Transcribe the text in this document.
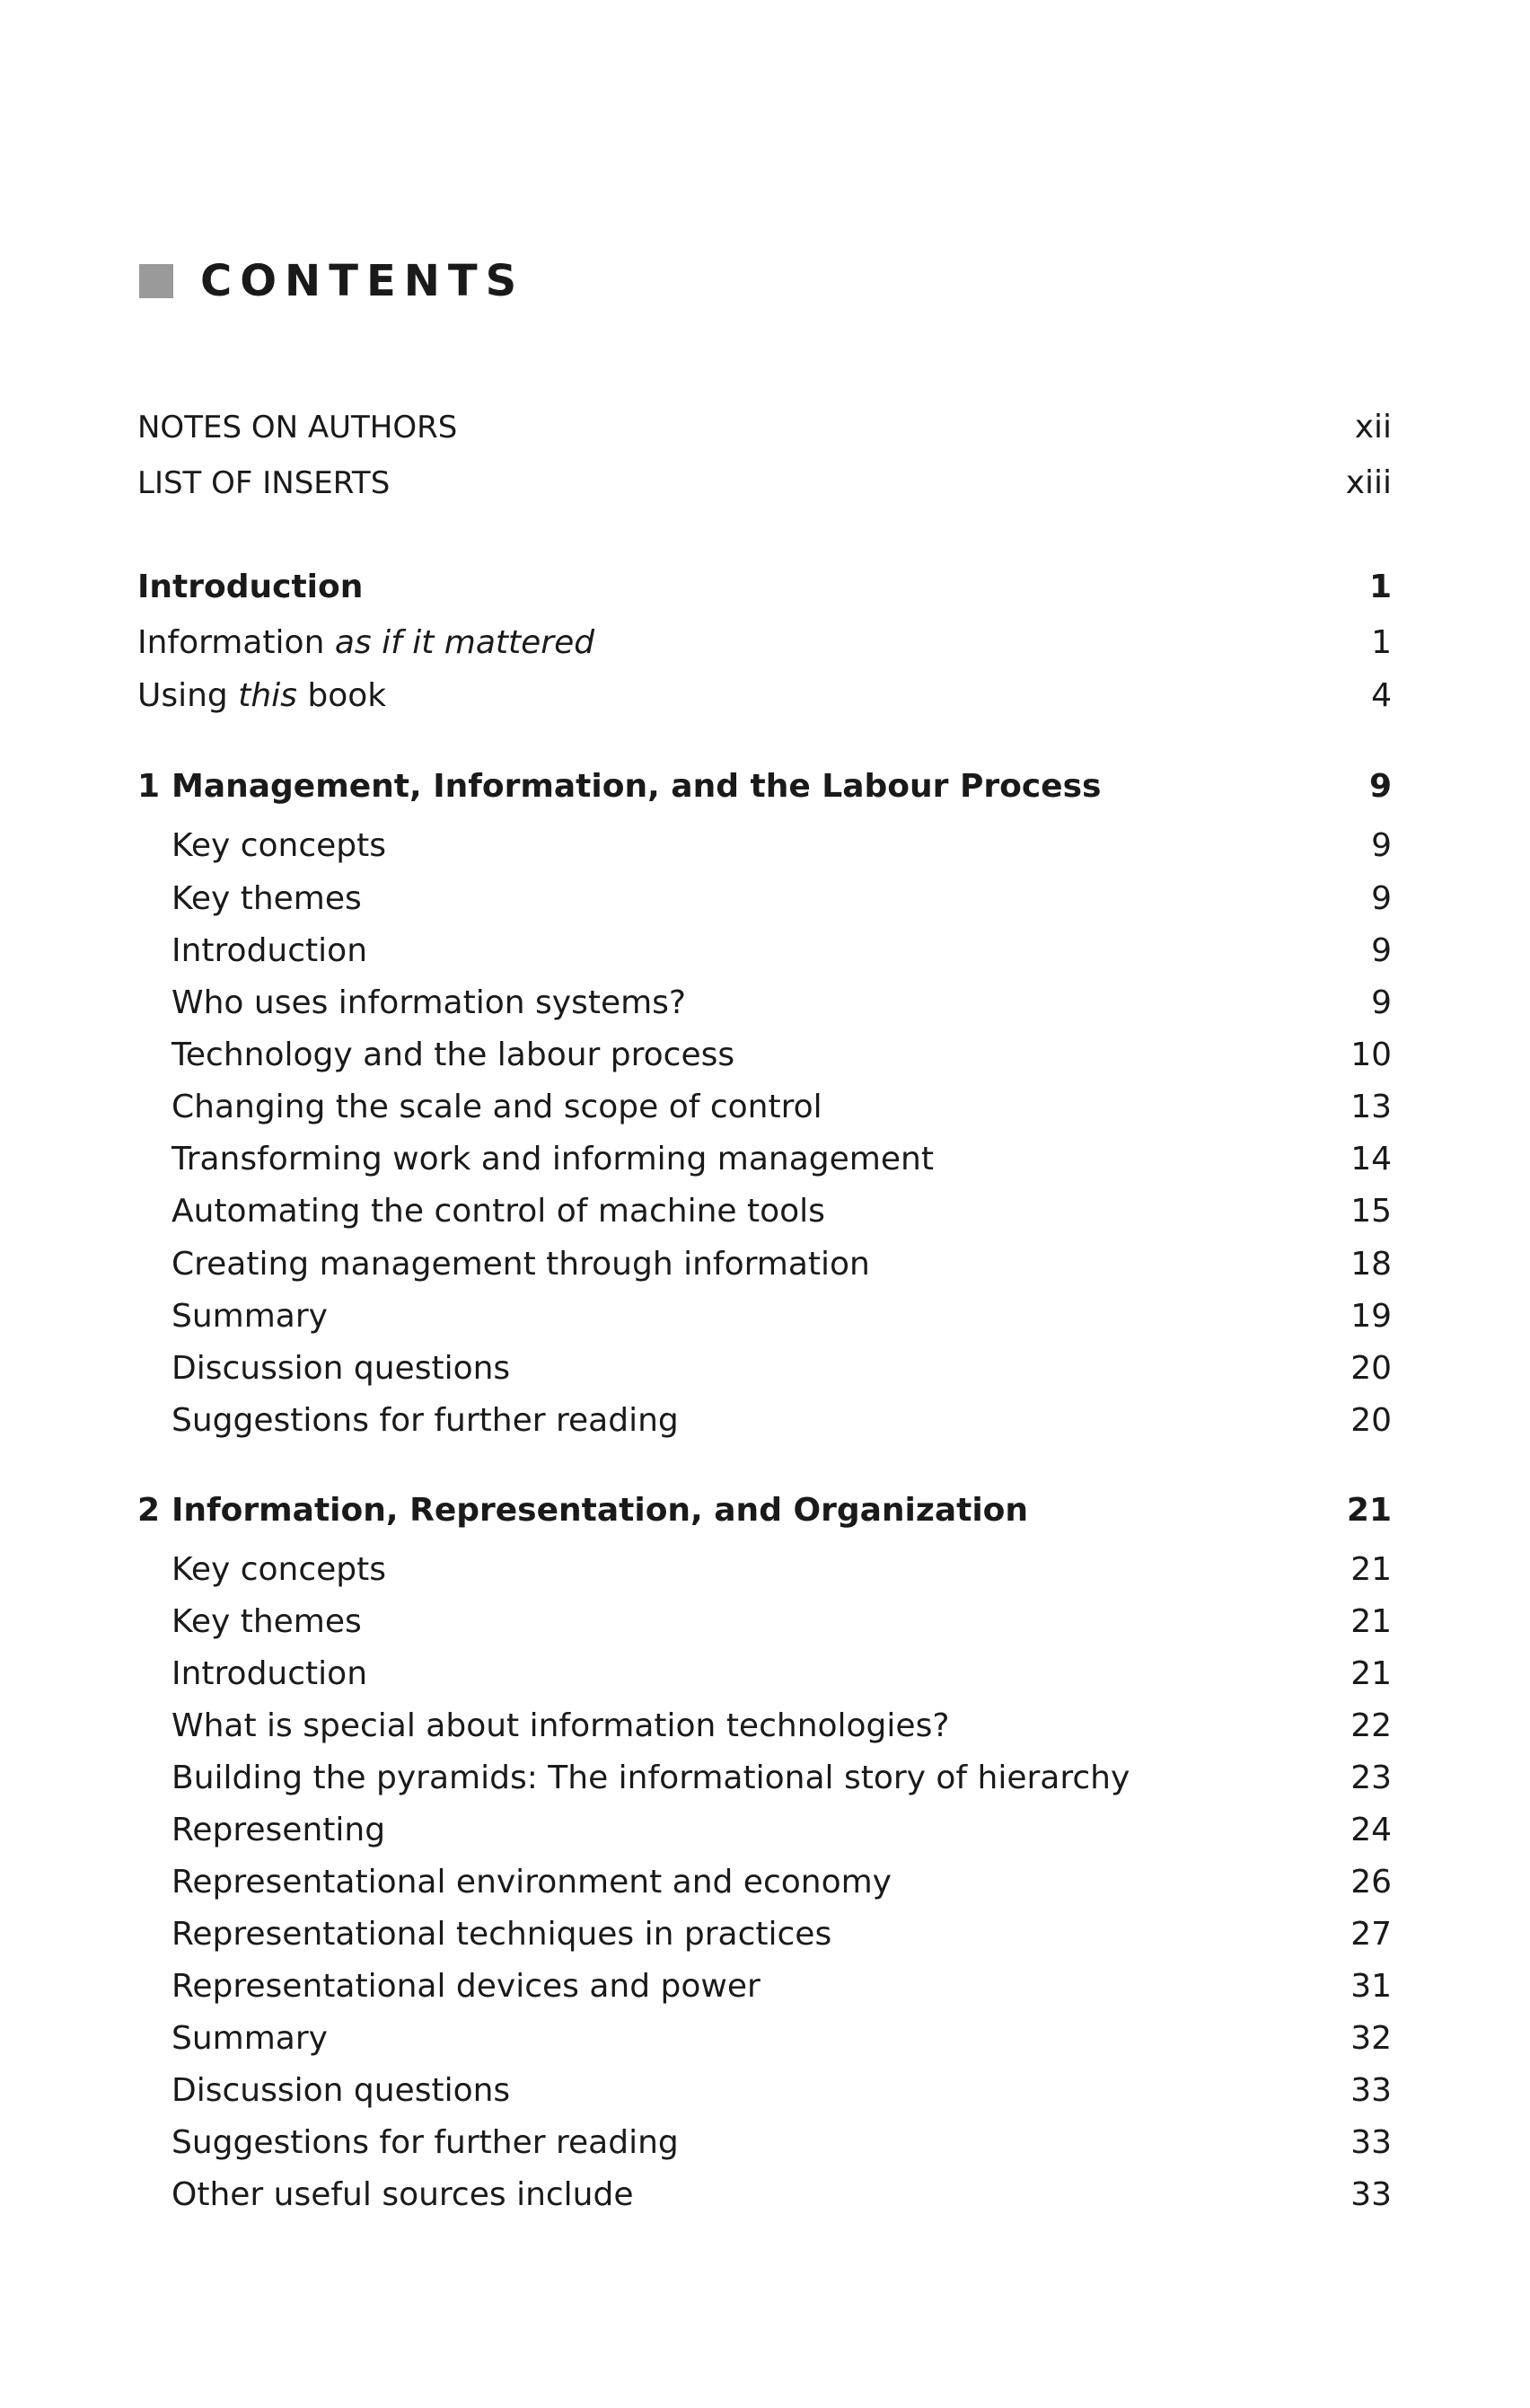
CONTENTS
NOTES ON AUTHORS	xii
LIST OF INSERTS	xiii
Introduction	1
Information as if it mattered	1
Using this book	4
1 Management, Information, and the Labour Process	9
Key concepts	9
Key themes	9
Introduction	9
Who uses information systems?	9
Technology and the labour process	10
Changing the scale and scope of control	13
Transforming work and informing management	14
Automating the control of machine tools	15
Creating management through information	18
Summary	19
Discussion questions	20
Suggestions for further reading	20
2 Information, Representation, and Organization	21
Key concepts	21
Key themes	21
Introduction	21
What is special about information technologies?	22
Building the pyramids: The informational story of hierarchy	23
Representing	24
Representational environment and economy	26
Representational techniques in practices	27
Representational devices and power	31
Summary	32
Discussion questions	33
Suggestions for further reading	33
Other useful sources include	33
